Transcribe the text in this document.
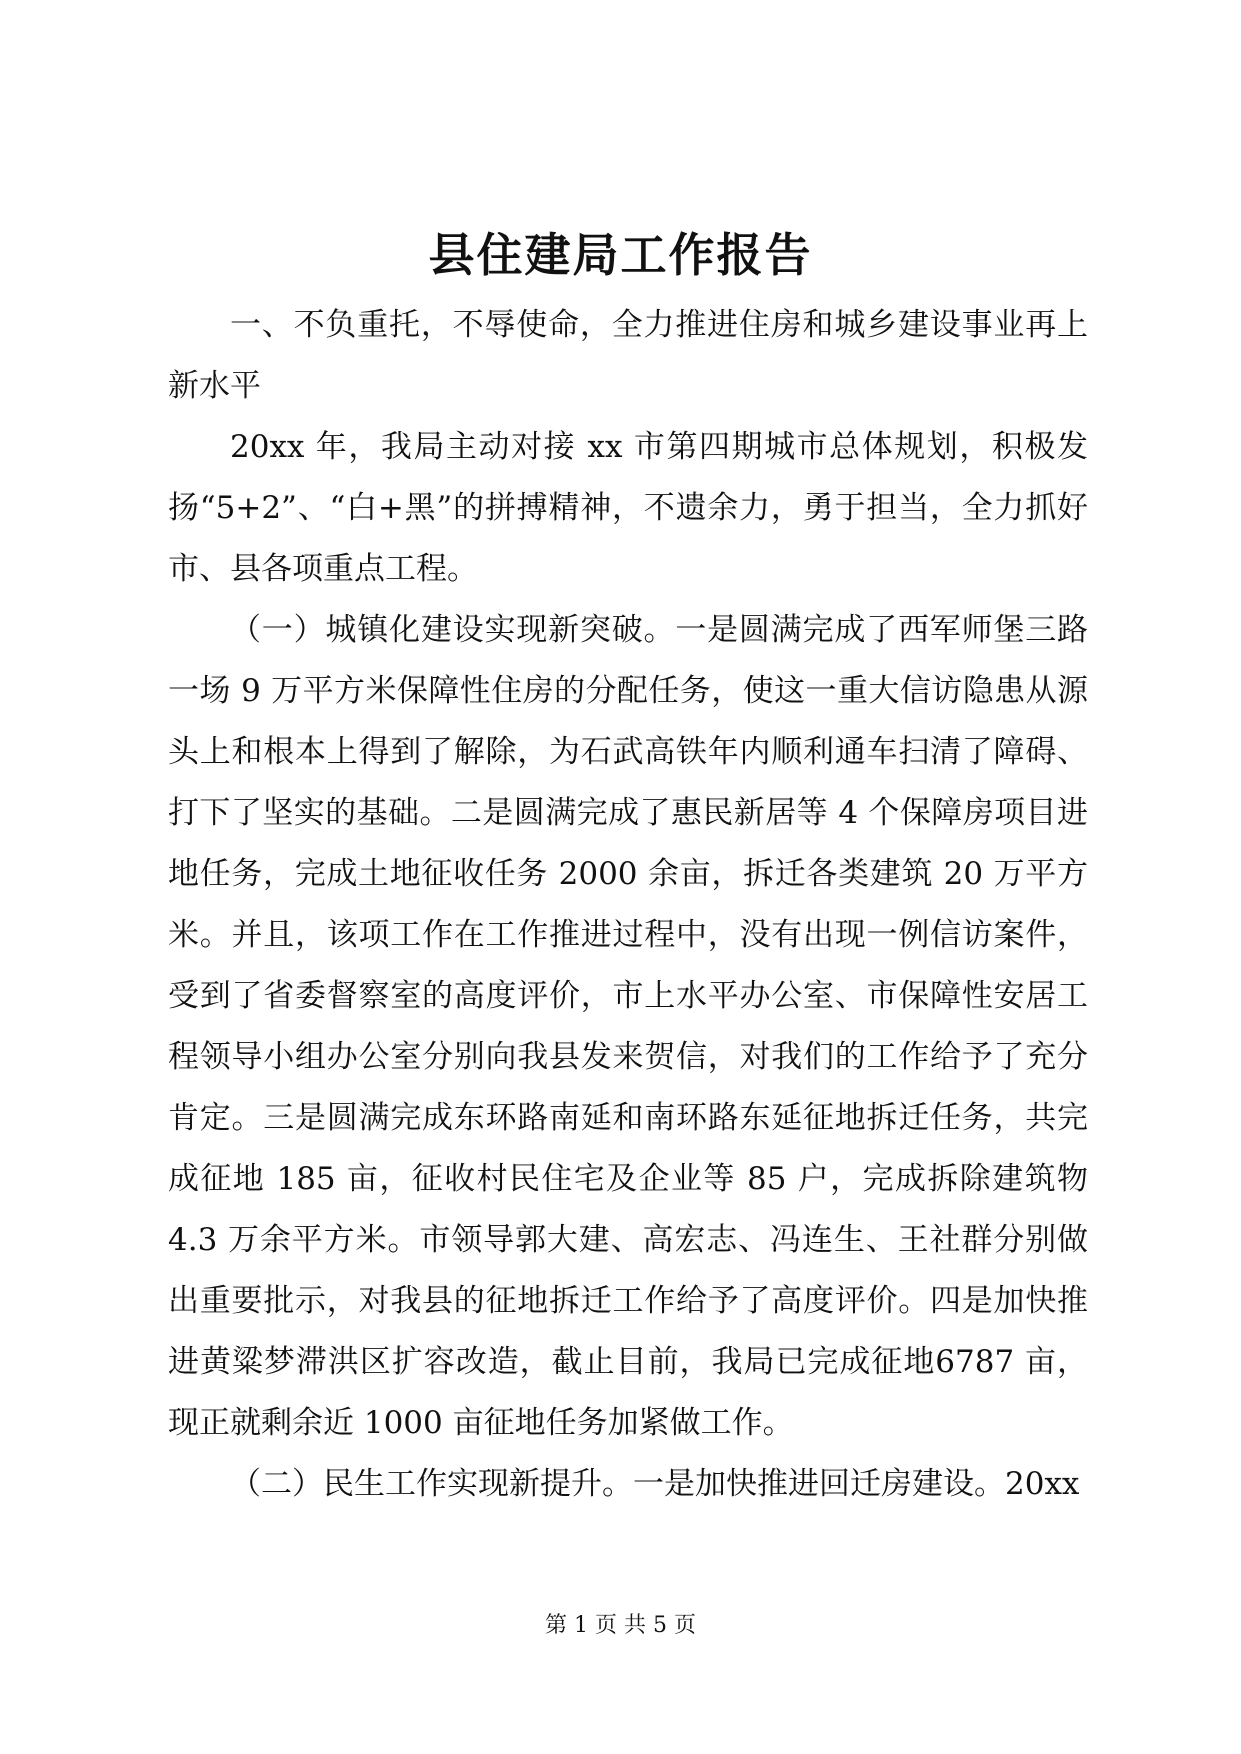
县住建局工作报告

一、不负重托，不辱使命，全力推进住房和城乡建设事业再上新水平

20xx 年，我局主动对接 xx 市第四期城市总体规划，积极发扬“5+2”、“白+黑”的拼搏精神，不遗余力，勇于担当，全力抓好市、县各项重点工程。

（一）城镇化建设实现新突破。一是圆满完成了西军师堡三路一场 9 万平方米保障性住房的分配任务，使这一重大信访隐患从源头上和根本上得到了解除，为石武高铁年内顺利通车扫清了障碍、打下了坚实的基础。二是圆满完成了惠民新居等 4 个保障房项目进地任务，完成土地征收任务 2000 余亩，拆迁各类建筑 20 万平方米。并且，该项工作在工作推进过程中，没有出现一例信访案件，受到了省委督察室的高度评价，市上水平办公室、市保障性安居工程领导小组办公室分别向我县发来贺信，对我们的工作给予了充分肯定。三是圆满完成东环路南延和南环路东延征地拆迁任务，共完成征地 185 亩，征收村民住宅及企业等 85 户，完成拆除建筑物 4.3 万余平方米。市领导郭大建、高宏志、冯连生、王社群分别做出重要批示，对我县的征地拆迁工作给予了高度评价。四是加快推进黄粱梦滞洪区扩容改造，截止目前，我局已完成征地6787 亩，现正就剩余近 1000 亩征地任务加紧做工作。

（二）民生工作实现新提升。一是加快推进回迁房建设。20xx

第 1 页 共 5 页
